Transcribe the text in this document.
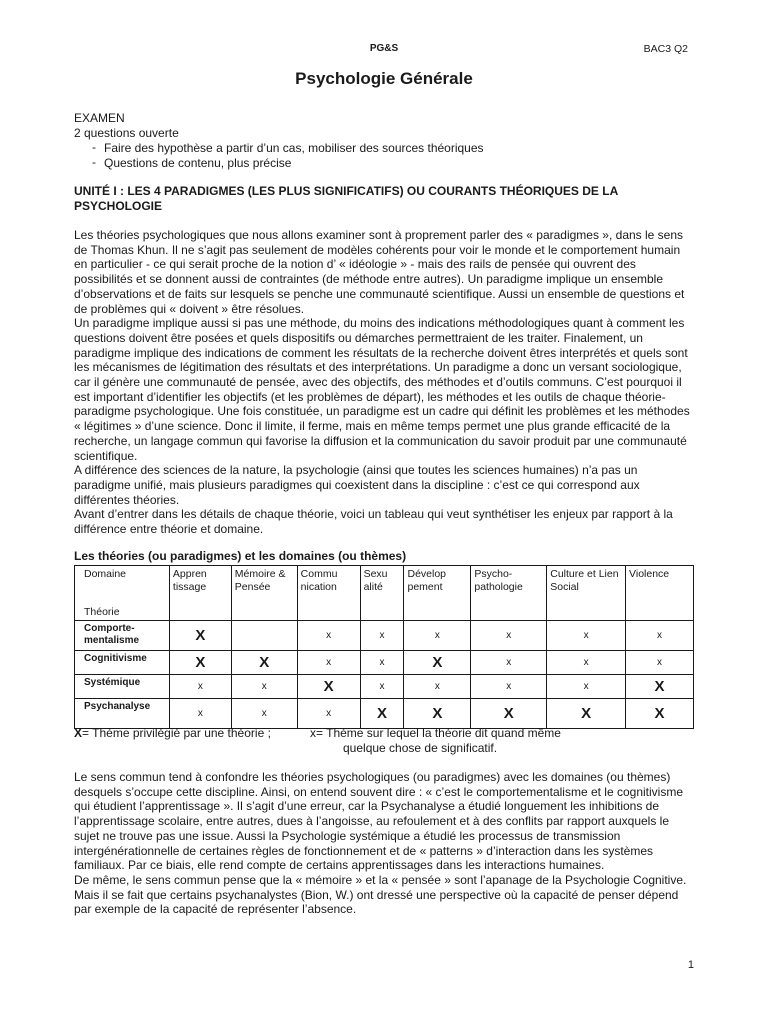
PG&S	BAC3 Q2
Psychologie Générale
EXAMEN
2 questions ouverte
- Faire des hypothèse a partir d’un cas, mobiliser des sources théoriques
- Questions de contenu, plus précise
UNITÉ I : LES 4 PARADIGMES (LES PLUS SIGNIFICATIFS) OU COURANTS THÉORIQUES DE LA PSYCHOLOGIE

Les théories psychologiques que nous allons examiner sont à proprement parler des « paradigmes », dans le sens de Thomas Khun. Il ne s’agit pas seulement de modèles cohérents pour voir le monde et le comportement humain en particulier - ce qui serait proche de la notion d’ « idéologie » - mais des rails de pensée qui ouvrent des possibilités et se donnent aussi de contraintes (de méthode entre autres). Un paradigme implique un ensemble d’observations et de faits sur lesquels se penche une communauté scientifique. Aussi un ensemble de questions et de problèmes qui « doivent » être résolues.

Un paradigme implique aussi si pas une méthode, du moins des indications méthodologiques quant à comment les questions doivent être posées et quels dispositifs ou démarches permettraient de les traiter. Finalement, un paradigme implique des indications de comment les résultats de la recherche doivent êtres interprétés et quels sont les mécanismes de légitimation des résultats et des interprétations. Un paradigme a donc un versant sociologique, car il génère une communauté de pensée, avec des objectifs, des méthodes et d’outils communs. C’est pourquoi il est important d’identifier les objectifs (et les problèmes de départ), les méthodes et les outils de chaque théorie-paradigme psychologique. Une fois constituée, un paradigme est un cadre qui définit les problèmes et les méthodes « légitimes » d’une science. Donc il limite, il ferme, mais en même temps permet une plus grande efficacité de la recherche, un langage commun qui favorise la diffusion et la communication du savoir produit par une communauté scientifique.

A différence des sciences de la nature, la psychologie (ainsi que toutes les sciences humaines) n’a pas un paradigme unifié, mais plusieurs paradigmes qui coexistent dans la discipline : c’est ce qui correspond aux différentes théories.

Avant d’entrer dans les détails de chaque théorie, voici un tableau qui veut synthétiser les enjeux par rapport à la différence entre théorie et domaine.

Les théories (ou paradigmes) et les domaines (ou thèmes)
Domaine
Théorie	Appren tissage	Mémoire & Pensée	Commu nication	Sexu alité	Dévelop pement	Psycho- pathologie	Culture et Lien Social	Violence
Comporte-mentalisme	X		x	x	x	x	x	x
Cognitivisme	X	X	x	x	X	x	x	x
Systémique	x	x	X	x	x	x	x	X
Psychanalyse	x	x	x	X	X	X	X	X
X= Thème privilégié par une théorie ;	x= Thème sur lequel la théorie dit quand même
quelque chose de significatif.

Le sens commun tend à confondre les théories psychologiques (ou paradigmes) avec les domaines (ou thèmes) desquels s’occupe cette discipline. Ainsi, on entend souvent dire : « c’est le comportementalisme et le cognitivisme qui étudient l’apprentissage ». Il s’agit d’une erreur, car la Psychanalyse a étudié longuement les inhibitions de l’apprentissage scolaire, entre autres, dues à l’angoisse, au refoulement et à des conflits par rapport auxquels le sujet ne trouve pas une issue. Aussi la Psychologie systémique a étudié les processus de transmission intergénérationnelle de certaines règles de fonctionnement et de « patterns » d’interaction dans les systèmes familiaux. Par ce biais, elle rend compte de certains apprentissages dans les interactions humaines.

De même, le sens commun pense que la « mémoire » et la « pensée » sont l’apanage de la Psychologie Cognitive. Mais il se fait que certains psychanalystes (Bion, W.) ont dressé une perspective où la capacité de penser dépend par exemple de la capacité de représenter l’absence.

1
